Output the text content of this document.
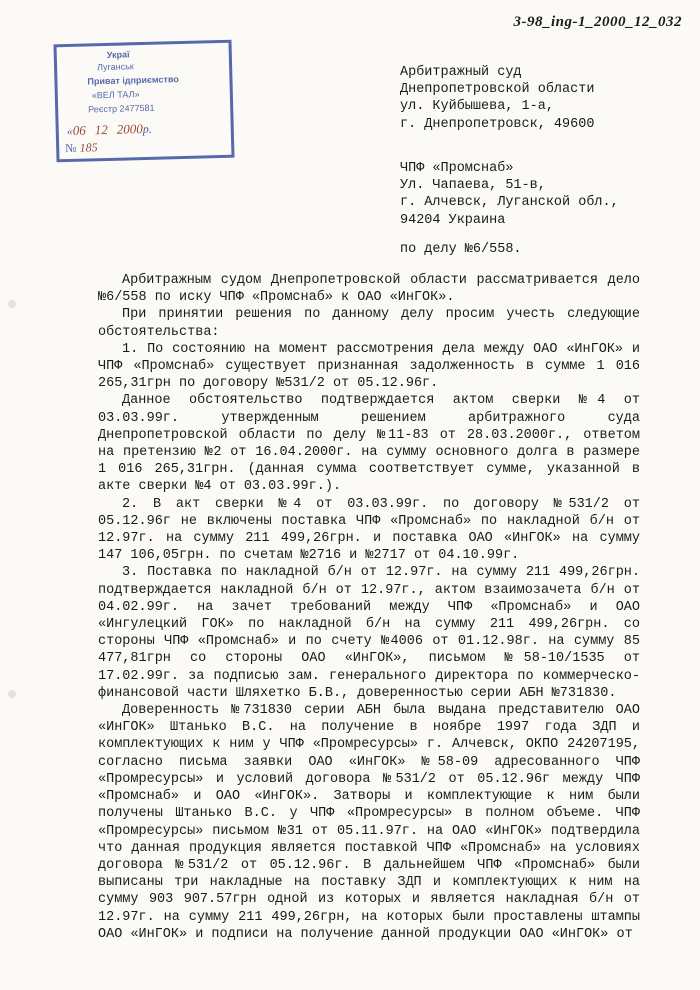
3-98_ing-1_2000_12_032
Украї
Луганськ
Приват ідприємство
«ВЕЛ ТАЛ»
Реєстр 2477581
«06 12 2000р.
№ 185
Арбитражный суд
Днепропетровской области
ул. Куйбышева, 1-а,
г. Днепропетровск, 49600
ЧПФ «Промснаб»
Ул. Чапаева, 51-в,
г. Алчевск, Луганской обл.,
94204 Украина
по делу №6/558.

Арбитражным судом Днепропетровской области рассматривается дело №6/558 по иску ЧПФ «Промснаб» к ОАО «ИнГОК».

При принятии решения по данному делу просим учесть следующие обстоятельства:

1. По состоянию на момент рассмотрения дела между ОАО «ИнГОК» и ЧПФ «Промснаб» существует признанная задолженность в сумме 1 016 265,31грн по договору №531/2 от 05.12.96г.

Данное обстоятельство подтверждается актом сверки №4 от 03.03.99г. утвержденным решением арбитражного суда Днепропетровской области по делу №11-83 от 28.03.2000г., ответом на претензию №2 от 16.04.2000г. на сумму основного долга в размере 1 016 265,31грн. (данная сумма соответствует сумме, указанной в акте сверки №4 от 03.03.99г.).

2. В акт сверки №4 от 03.03.99г. по договору №531/2 от 05.12.96г не включены поставка ЧПФ «Промснаб» по накладной б/н от 12.97г. на сумму 211 499,26грн. и поставка ОАО «ИнГОК» на сумму 147 106,05грн. по счетам №2716 и №2717 от 04.10.99г.

3. Поставка по накладной б/н от 12.97г. на сумму 211 499,26грн. подтверждается накладной б/н от 12.97г., актом взаимозачета б/н от 04.02.99г. на зачет требований между ЧПФ «Промснаб» и ОАО «Ингулецкий ГОК» по накладной б/н на сумму 211 499,26грн. со стороны ЧПФ «Промснаб» и по счету №4006 от 01.12.98г. на сумму 85 477,81грн со стороны ОАО «ИнГОК», письмом №58-10/1535 от 17.02.99г. за подписью зам. генерального директора по коммерческо-финансовой части Шляхетко Б.В., доверенностью серии АБН №731830.

Доверенность №731830 серии АБН была выдана представителю ОАО «ИнГОК» Штанько В.С. на получение в ноябре 1997 года ЗДП и комплектующих к ним у ЧПФ «Промресурсы» г. Алчевск, ОКПО 24207195, согласно письма заявки ОАО «ИнГОК» №58-09 адресованного ЧПФ «Промресурсы» и условий договора №531/2 от 05.12.96г между ЧПФ «Промснаб» и ОАО «ИнГОК». Затворы и комплектующие к ним были получены Штанько В.С. у ЧПФ «Промресурсы» в полном объеме. ЧПФ «Промресурсы» письмом №31 от 05.11.97г. на ОАО «ИнГОК» подтвердила что данная продукция является поставкой ЧПФ «Промснаб» на условиях договора №531/2 от 05.12.96г. В дальнейшем ЧПФ «Промснаб» были выписаны три накладные на поставку ЗДП и комплектующих к ним на сумму 903 907.57грн одной из которых и является накладная б/н от 12.97г. на сумму 211 499,26грн, на которых были проставлены штампы ОАО «ИнГОК» и подписи на получение данной продукции ОАО «ИнГОК» от
